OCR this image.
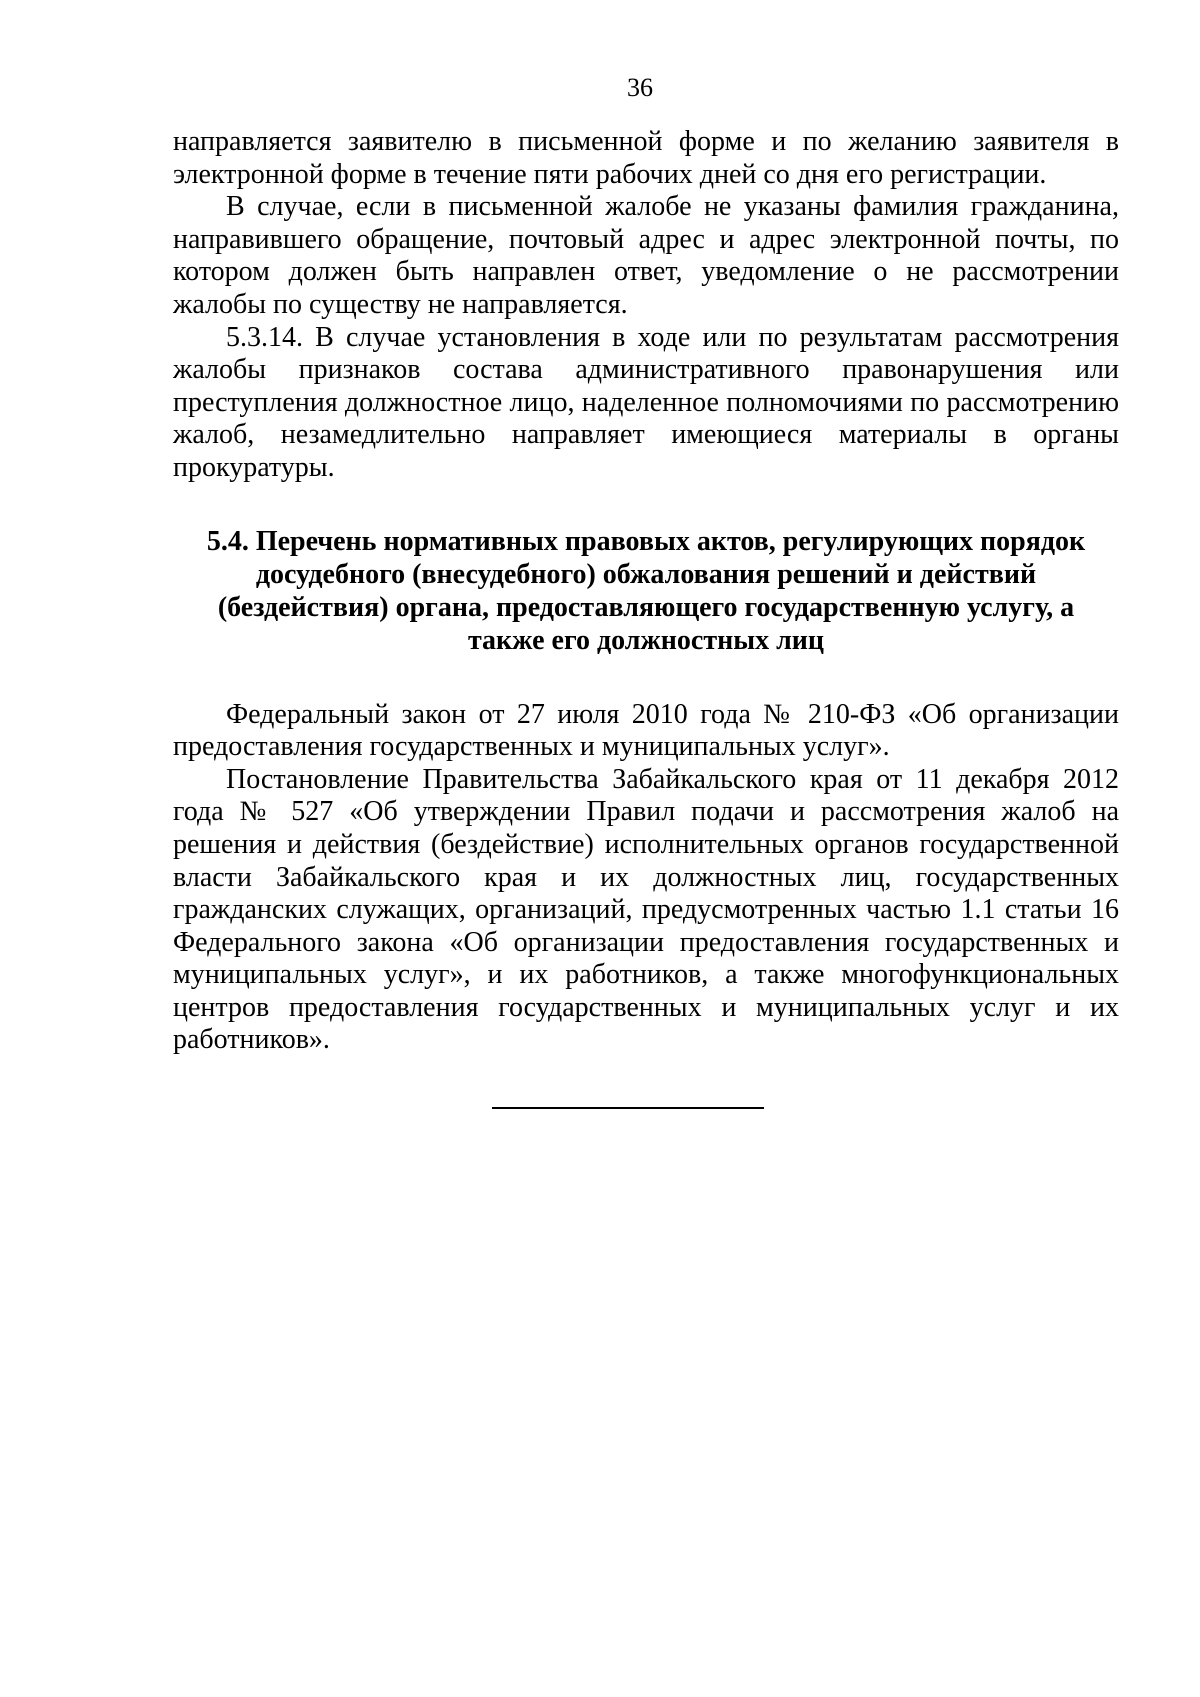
36

направляется заявителю в письменной форме и по желанию заявителя в электронной форме в течение пяти рабочих дней со дня его регистрации.

В случае, если в письменной жалобе не указаны фамилия гражданина, направившего обращение, почтовый адрес и адрес электронной почты, по котором должен быть направлен ответ, уведомление о не рассмотрении жалобы по существу не направляется.

5.3.14. В случае установления в ходе или по результатам рассмотрения жалобы признаков состава административного правонарушения или преступления должностное лицо, наделенное полномочиями по рассмотрению жалоб, незамедлительно направляет имеющиеся материалы в органы прокуратуры.

5.4. Перечень нормативных правовых актов, регулирующих порядок досудебного (внесудебного) обжалования решений и действий (бездействия) органа, предоставляющего государственную услугу, а также его должностных лиц

Федеральный закон от 27 июля 2010 года № 210-ФЗ «Об организации предоставления государственных и муниципальных услуг».

Постановление Правительства Забайкальского края от 11 декабря 2012 года № 527 «Об утверждении Правил подачи и рассмотрения жалоб на решения и действия (бездействие) исполнительных органов государственной власти Забайкальского края и их должностных лиц, государственных гражданских служащих, организаций, предусмотренных частью 1.1 статьи 16 Федерального закона «Об организации предоставления государственных и муниципальных услуг», и их работников, а также многофункциональных центров предоставления государственных и муниципальных услуг и их работников».
